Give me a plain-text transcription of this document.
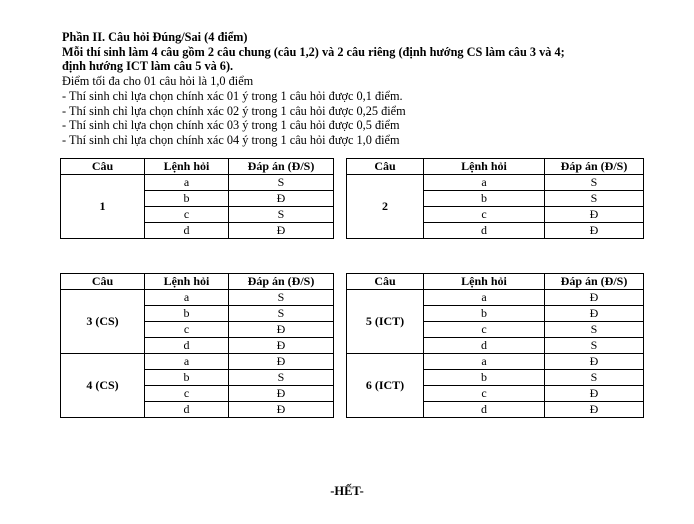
Phần II. Câu hỏi Đúng/Sai (4 điểm)

Mỗi thí sinh làm 4 câu gồm 2 câu chung (câu 1,2) và 2 câu riêng (định hướng CS làm câu 3 và 4;

định hướng ICT làm câu 5 và 6).

Điểm tối đa cho 01 câu hỏi là 1,0 điểm

- Thí sinh chỉ lựa chọn chính xác 01 ý trong 1 câu hỏi được 0,1 điểm.

- Thí sinh chỉ lựa chọn chính xác 02 ý trong 1 câu hỏi được 0,25 điểm

- Thí sinh chỉ lựa chọn chính xác 03 ý trong 1 câu hỏi được 0,5 điểm

- Thí sinh chỉ lựa chọn chính xác 04 ý trong 1 câu hỏi được 1,0 điểm

Câu	Lệnh hỏi	Đáp án (Đ/S)		Câu	Lệnh hỏi	Đáp án (Đ/S)
1	a	S		2	a	S
	b	Đ			b	S
	c	S			c	Đ
	d	Đ			d	Đ
Câu	Lệnh hỏi	Đáp án (Đ/S)		Câu	Lệnh hỏi	Đáp án (Đ/S)
3 (CS)	a	S		5 (ICT)	a	Đ
	b	S			b	Đ
	c	Đ			c	S
	d	Đ			d	S
4 (CS)	a	Đ		6 (ICT)	a	Đ
	b	S			b	S
	c	Đ			c	Đ
	d	Đ			d	Đ
-HẾT-
